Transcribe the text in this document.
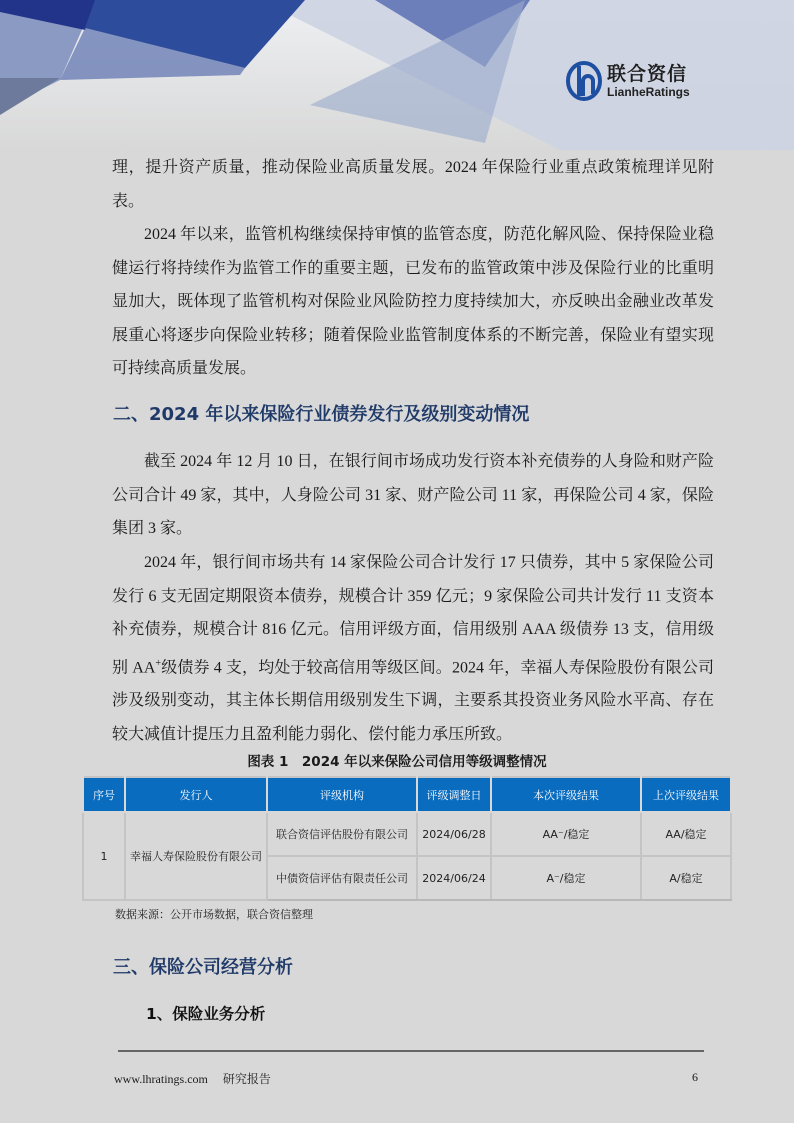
联合资信
LianheRatings

理，提升资产质量，推动保险业高质量发展。2024 年保险行业重点政策梳理详见附表。

2024 年以来，监管机构继续保持审慎的监管态度，防范化解风险、保持保险业稳健运行将持续作为监管工作的重要主题，已发布的监管政策中涉及保险行业的比重明显加大，既体现了监管机构对保险业风险防控力度持续加大，亦反映出金融业改革发展重心将逐步向保险业转移；随着保险业监管制度体系的不断完善，保险业有望实现可持续高质量发展。

二、2024 年以来保险行业债券发行及级别变动情况

截至 2024 年 12 月 10 日，在银行间市场成功发行资本补充债券的人身险和财产险公司合计 49 家，其中，人身险公司 31 家、财产险公司 11 家，再保险公司 4 家，保险集团 3 家。

2024 年，银行间市场共有 14 家保险公司合计发行 17 只债券，其中 5 家保险公司发行 6 支无固定期限资本债券，规模合计 359 亿元；9 家保险公司共计发行 11 支资本补充债券，规模合计 816 亿元。信用评级方面，信用级别 AAA 级债券 13 支，信用级别 AA+级债券 4 支，均处于较高信用等级区间。2024 年，幸福人寿保险股份有限公司涉及级别变动，其主体长期信用级别发生下调，主要系其投资业务风险水平高、存在较大减值计提压力且盈利能力弱化、偿付能力承压所致。

图表 1　2024 年以来保险公司信用等级调整情况
序号	发行人	评级机构	评级调整日	本次评级结果	上次评级结果
1	幸福人寿保险股份有限公司	联合资信评估股份有限公司	2024/06/28	AA⁻/稳定	AA/稳定
		中债资信评估有限责任公司	2024/06/24	A⁻/稳定	A/稳定
数据来源：公开市场数据，联合资信整理
三、保险公司经营分析
1、保险业务分析
www.lhratings.com 研究报告	6
